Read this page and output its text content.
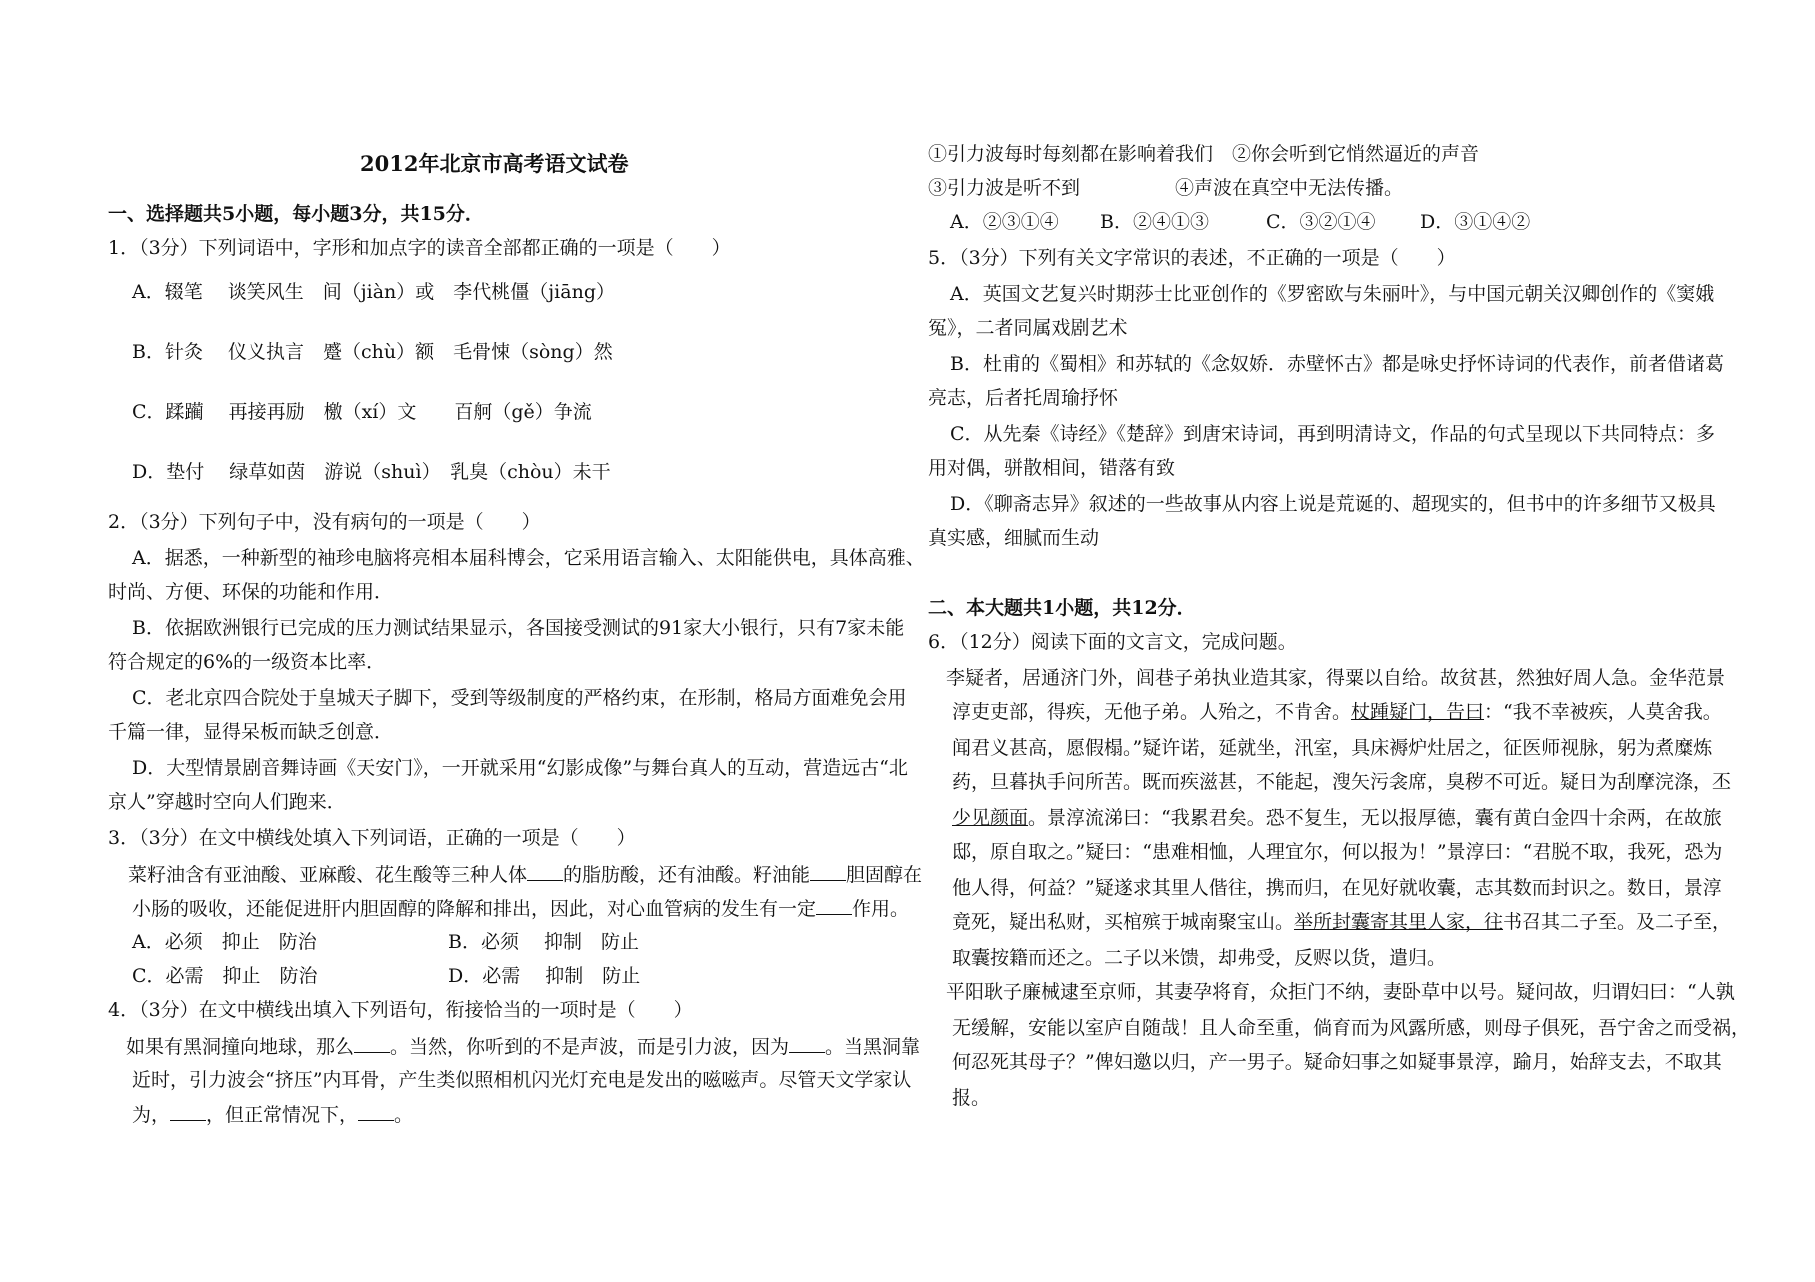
2012年北京市高考语文试卷
一、选择题共5小题，每小题3分，共15分．
1．（3分）下列词语中，字形和加点字的读音全部都正确的一项是（　　）
A．辍笔　 谈笑风生　间（jiàn）或　李代桃僵（jiāng）
B．针灸　 仪义执言　蹙（chù）额　毛骨悚（sòng）然
C．蹂躏　 再接再励　檄（xí）文　　百舸（gě）争流
D．垫付　 绿草如茵　游说（shuì）　乳臭（chòu）未干
2．（3分）下列句子中，没有病句的一项是（　　）
A．据悉，一种新型的袖珍电脑将亮相本届科博会，它采用语言输入、太阳能供电，具体高雅、
时尚、方便、环保的功能和作用．
B．依据欧洲银行已完成的压力测试结果显示，各国接受测试的91家大小银行，只有7家未能
符合规定的6%的一级资本比率．
C．老北京四合院处于皇城天子脚下，受到等级制度的严格约束，在形制，格局方面难免会用
千篇一律，显得呆板而缺乏创意．
D．大型情景剧音舞诗画《天安门》，一开就采用“幻影成像”与舞台真人的互动，营造远古“北
京人”穿越时空向人们跑来．
3．（3分）在文中横线处填入下列词语，正确的一项是（　　）
菜籽油含有亚油酸、亚麻酸、花生酸等三种人体 的脂肪酸，还有油酸。籽油能 胆固醇在
小肠的吸收，还能促进肝内胆固醇的降解和排出，因此，对心血管病的发生有一定 作用。
A．必须　抑止　防治	B．必须　 抑制　防止
C．必需　抑止　防治	D．必需　 抑制　防止
4．（3分）在文中横线出填入下列语句，衔接恰当的一项时是（　　）
如果有黑洞撞向地球，那么 。当然，你听到的不是声波，而是引力波，因为 。当黑洞靠
近时，引力波会“挤压”内耳骨，产生类似照相机闪光灯充电是发出的嗞嗞声。尽管天文学家认
为， ，但正常情况下， 。
①引力波每时每刻都在影响着我们　②你会听到它悄然逼近的声音
③引力波是听不到　　　　　④声波在真空中无法传播。
A．②③①④ B．②④①③	C．③②①④ D．③①④②
5．（3分）下列有关文字常识的表述，不正确的一项是（　　）
A．英国文艺复兴时期莎士比亚创作的《罗密欧与朱丽叶》，与中国元朝关汉卿创作的《窦娥
冤》，二者同属戏剧艺术
B．杜甫的《蜀相》和苏轼的《念奴娇．赤壁怀古》都是咏史抒怀诗词的代表作，前者借诸葛
亮志，后者托周瑜抒怀
C．从先秦《诗经》《楚辞》到唐宋诗词，再到明清诗文，作品的句式呈现以下共同特点：多
用对偶，骈散相间，错落有致
D．《聊斋志异》叙述的一些故事从内容上说是荒诞的、超现实的，但书中的许多细节又极具
真实感，细腻而生动
二、本大题共1小题，共12分．
6．（12分）阅读下面的文言文，完成问题。
李疑者，居通济门外，闾巷子弟执业造其家，得粟以自给。故贫甚，然独好周人急。金华范景
淳吏吏部，得疾，无他子弟。人殆之，不肯舍。杖踵疑门，告曰：“我不幸被疾，人莫舍我。
闻君义甚高，愿假榻。”疑许诺，延就坐，汛室，具床褥炉灶居之，征医师视脉，躬为煮糜炼
药，旦暮执手问所苦。既而疾滋甚，不能起，溲矢污衾席，臭秽不可近。疑日为刮摩浣涤，丕
少见颜面。景淳流涕曰：“我累君矣。恐不复生，无以报厚德，囊有黄白金四十余两，在故旅
邸，原自取之。”疑曰：“患难相恤，人理宜尔，何以报为！”景淳曰：“君脱不取，我死，恐为
他人得，何益？”疑遂求其里人偕往，携而归，在见好就收囊，志其数而封识之。数日，景淳
竟死，疑出私财，买棺殡于城南聚宝山。举所封囊寄其里人家，往书召其二子至。及二子至，
取囊按籍而还之。二子以米馈，却弗受，反赆以货，遣归。
平阳耿子廉械逮至京师，其妻孕将育，众拒门不纳，妻卧草中以号。疑问故，归谓妇曰：“人孰
无缓解，安能以室庐自随哉！且人命至重，倘育而为风露所感，则母子俱死，吾宁舍之而受祸，
何忍死其母子？”俾妇邀以归，产一男子。疑命妇事之如疑事景淳，踰月，始辞支去，不取其
报。
